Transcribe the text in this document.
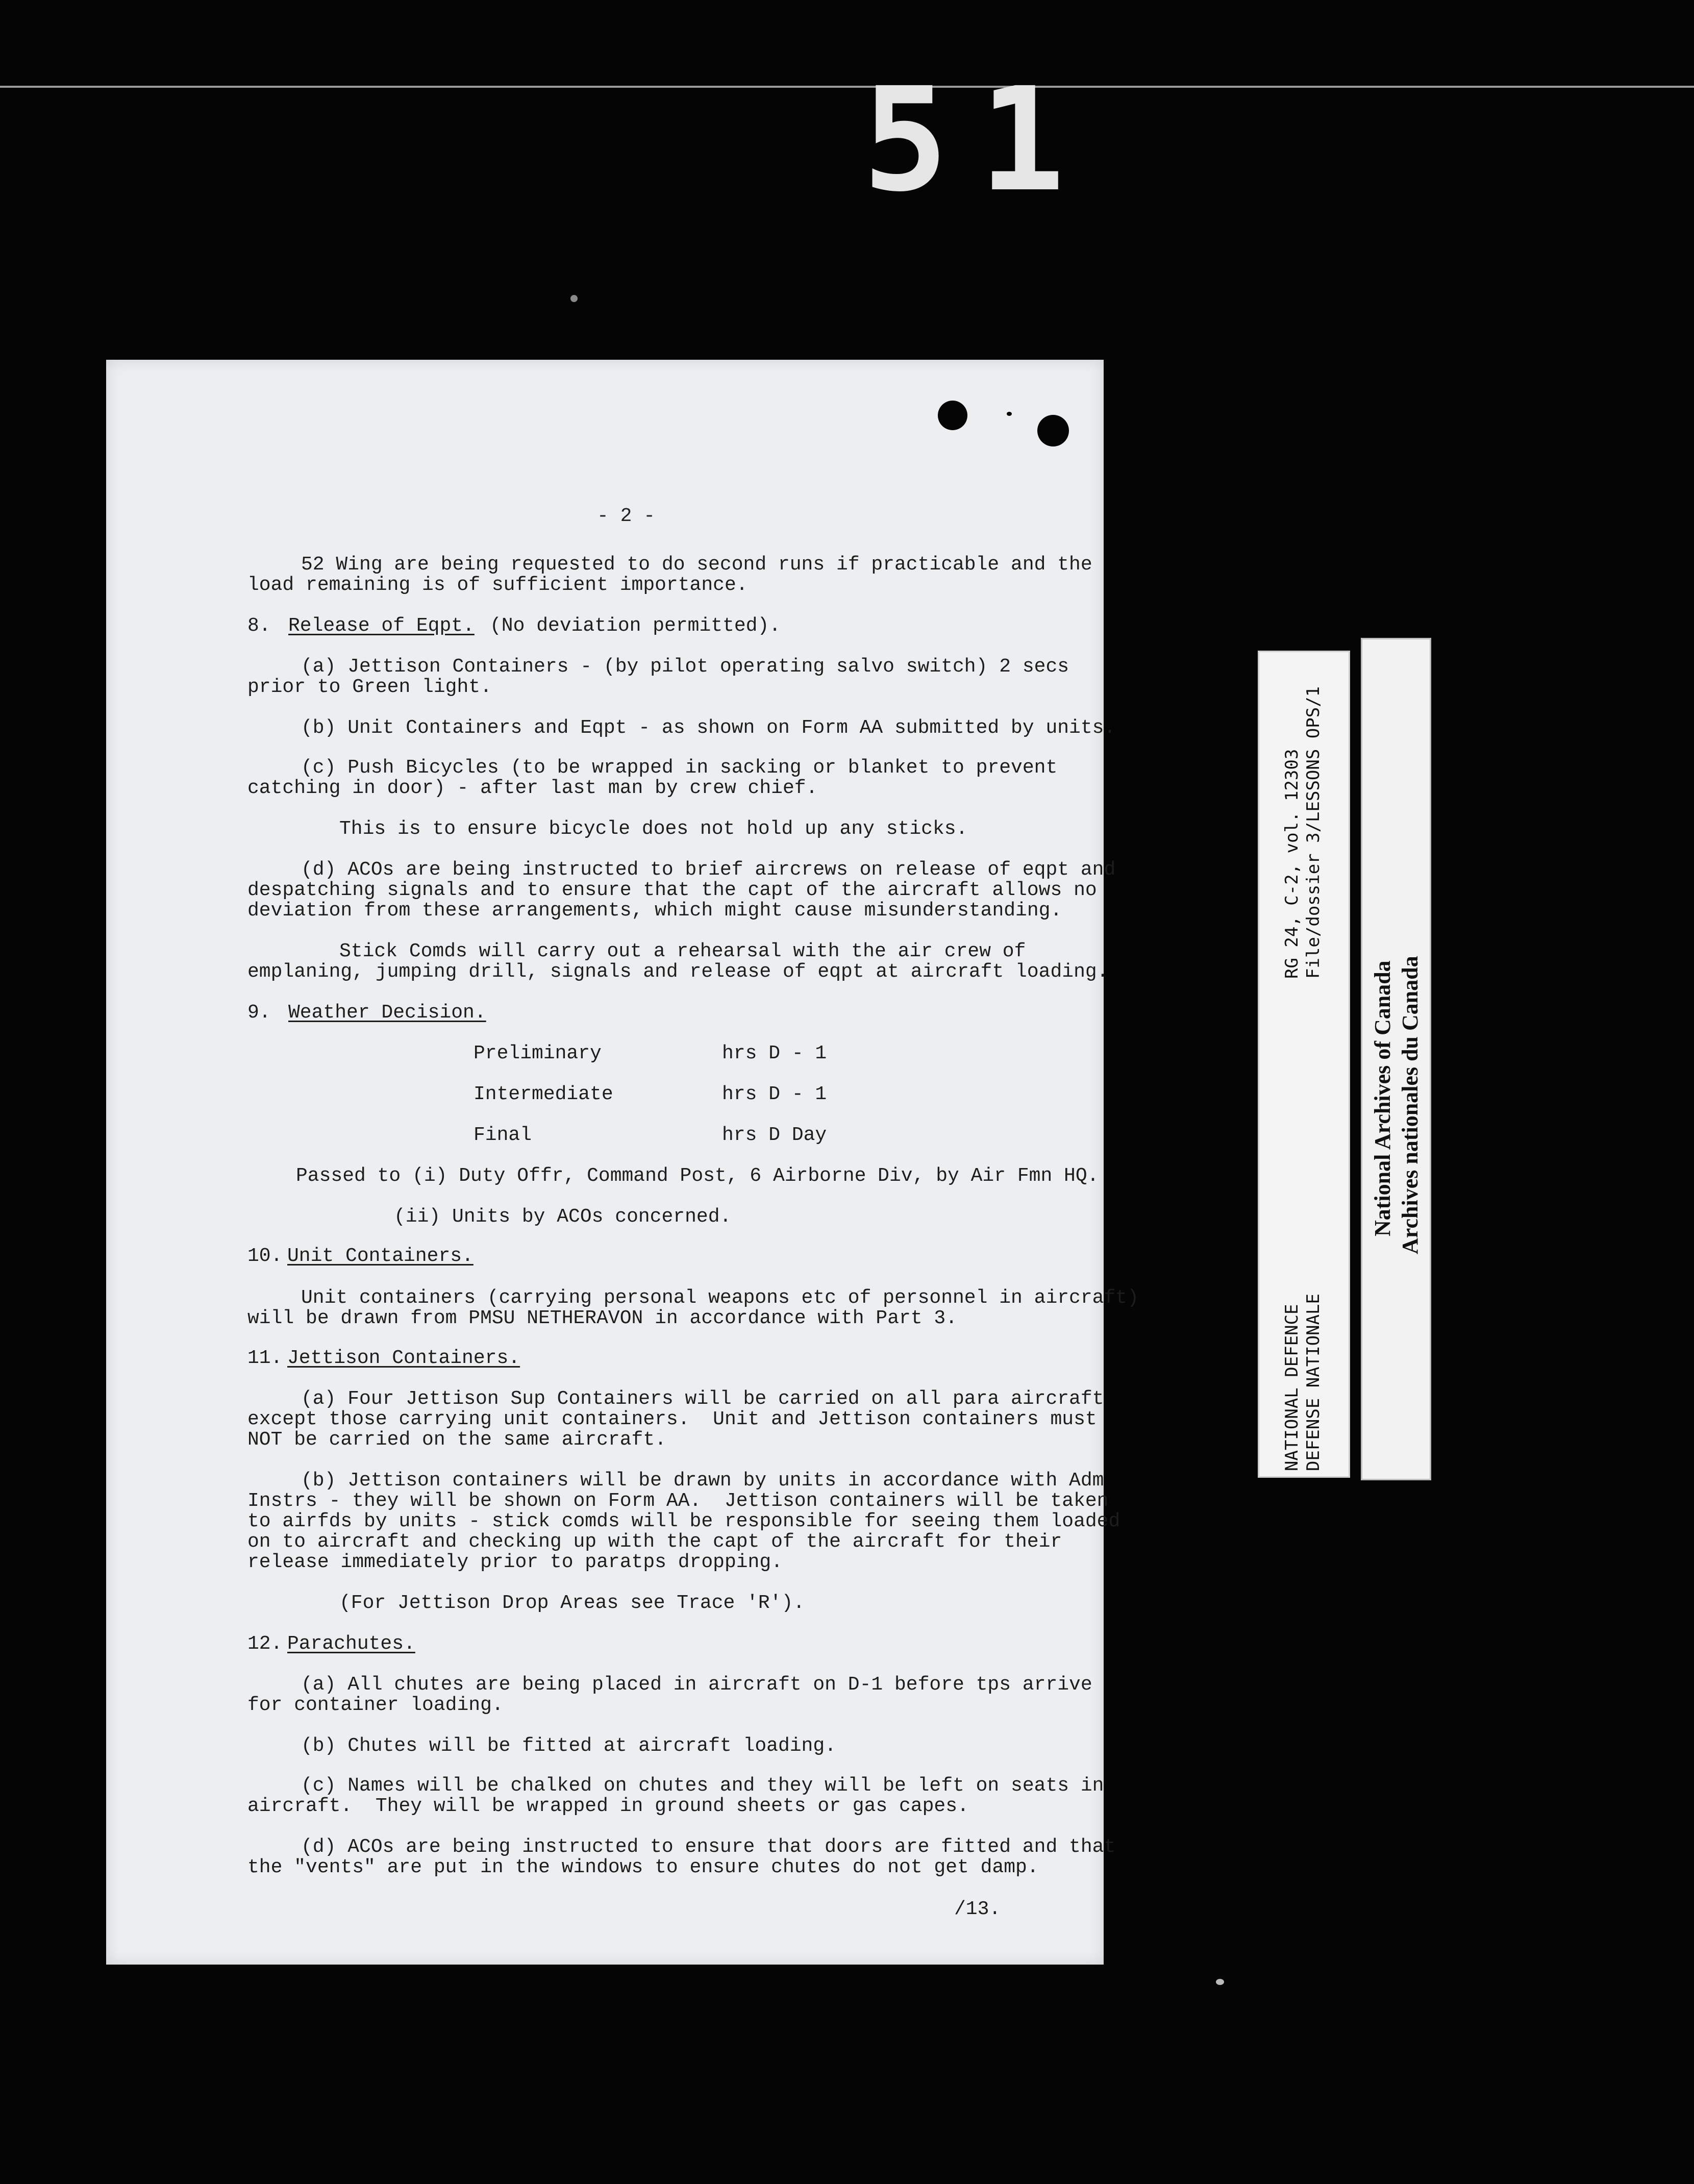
51
- 2 -
52 Wing are being requested to do second runs if practicable and the
load remaining is of sufficient importance.
8. Release of Eqpt. (No deviation permitted).
(a) Jettison Containers - (by pilot operating salvo switch) 2 secs
prior to Green light.
(b) Unit Containers and Eqpt - as shown on Form AA submitted by units.
(c) Push Bicycles (to be wrapped in sacking or blanket to prevent
catching in door) - after last man by crew chief.
This is to ensure bicycle does not hold up any sticks.
(d) ACOs are being instructed to brief aircrews on release of eqpt and
despatching signals and to ensure that the capt of the aircraft allows no
deviation from these arrangements, which might cause misunderstanding.
Stick Comds will carry out a rehearsal with the air crew of
emplaning, jumping drill, signals and release of eqpt at aircraft loading.
9. Weather Decision.
Preliminary	hrs D - 1
Intermediate	hrs D - 1
Final	hrs D Day
Passed to (i) Duty Offr, Command Post, 6 Airborne Div, by Air Fmn HQ.
(ii) Units by ACOs concerned.
10. Unit Containers.
Unit containers (carrying personal weapons etc of personnel in aircraft)
will be drawn from PMSU NETHERAVON in accordance with Part 3.
11. Jettison Containers.
(a) Four Jettison Sup Containers will be carried on all para aircraft
except those carrying unit containers.  Unit and Jettison containers must
NOT be carried on the same aircraft.
(b) Jettison containers will be drawn by units in accordance with Adm
Instrs - they will be shown on Form AA.  Jettison containers will be taken
to airfds by units - stick comds will be responsible for seeing them loaded
on to aircraft and checking up with the capt of the aircraft for their
release immediately prior to paratps dropping.
(For Jettison Drop Areas see Trace 'R').
12. Parachutes.
(a) All chutes are being placed in aircraft on D-1 before tps arrive
for container loading.
(b) Chutes will be fitted at aircraft loading.
(c) Names will be chalked on chutes and they will be left on seats in
aircraft.  They will be wrapped in ground sheets or gas capes.
(d) ACOs are being instructed to ensure that doors are fitted and that
the "vents" are put in the windows to ensure chutes do not get damp.
/13.
RG 24, C-2, vol. 12303 File/dossier 3/LESSONS OPS/1
NATIONAL DEFENCE DEFENSE NATIONALE
National Archives of Canada Archives nationales du Canada
